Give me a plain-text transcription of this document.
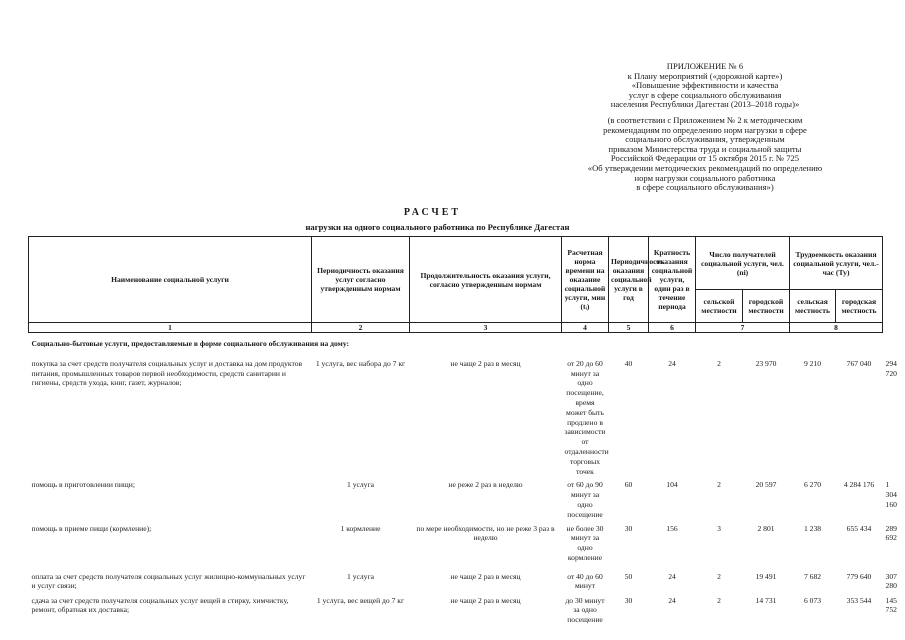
ПРИЛОЖЕНИЕ № 6
к Плану мероприятий («дорожной карте»)
«Повышение эффективности и качества
услуг в сфере социального обслуживания
населения Республики Дагестан (2013–2018 годы)»
(в соответствии с Приложением № 2 к методическим
рекомендациям по определению норм нагрузки в сфере
социального обслуживания, утвержденным
приказом Министерства труда и социальной защиты
Российской Федерации от 15 октября 2015 г. № 725
«Об утверждении методических рекомендаций по определению
норм нагрузки социального работника
в сфере социального обслуживания»)
РАСЧЕТ
нагрузки на одного социального работника по Республике Дагестан
Наименование социальной услуги	Периодичность оказания услуг согласно утвержденным нормам	Продолжительность оказания услуги, согласно утвержденным нормам	Расчетная норма времени на оказание социальной услуги, мин (tᵢ)	Периодичность оказания социальной услуги в год	Кратность оказания социальной услуги, один раз в течение периода	Число получателей социальной услуги, чел. (ni)		Трудоемкость оказания социальной услуги, чел.-час (Ту)		
						сельской местности	городской местности	сельская местность	городская местность	
1	2	3	4	5	6	7		8		
Социально-бытовые услуги, предоставляемые в форме социального обслуживания на дому:										
покупка за счет средств получателя социальных услуг и доставка на дом продуктов питания, промышленных товаров первой необходимости, средств санитарии и гигиены, средств ухода, книг, газет, журналов;	1 услуга, вес набора до 7 кг	не чаще 2 раз в месяц	от 20 до 60 минут за одно посещение, время может быть продлено в зависимости от отдаленности торговых точек	40	24	2	23 970	9 210	767 040	294 720
помощь в приготовлении пищи;	1 услуга	не реже 2 раз в неделю	от 60 до 90 минут за одно посещение	60	104	2	20 597	6 270	4 284 176	1 304 160
помощь в приеме пищи (кормление);	1 кормление	по мере необходимости, но не реже 3 раз в неделю	не более 30 минут за одно кормление	30	156	3	2 801	1 238	655 434	289 692
оплата за счет средств получателя социальных услуг жилищно-коммунальных услуг и услуг связи;	1 услуга	не чаще 2 раз в месяц	от 40 до 60 минут	50	24	2	19 491	7 682	779 640	307 280
сдача за счет средств получателя социальных услуг вещей в стирку, химчистку, ремонт, обратная их доставка;	1 услуга, вес вещей до 7 кг	не чаще 2 раз в месяц	до 30 минут за одно посещение	30	24	2	14 731	6 073	353 544	145 752
